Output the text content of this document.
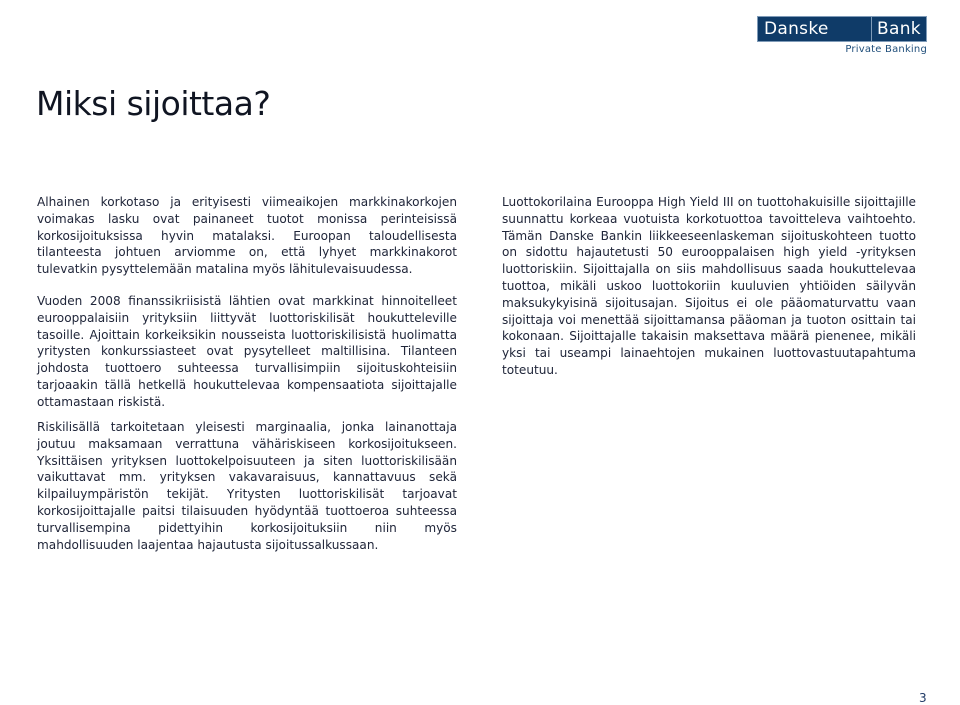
Danske	Bank
Private Banking
Miksi sijoittaa?

Alhainen korkotaso ja erityisesti viimeaikojen markkinakorkojen voimakas lasku ovat painaneet tuotot monissa perinteisissä korkosijoituksissa hyvin matalaksi. Euroopan taloudellisesta tilanteesta johtuen arviomme on, että lyhyet markkinakorot tulevatkin pysyttelemään matalina myös lähitulevaisuudessa.

Vuoden 2008 finanssikriisistä lähtien ovat markkinat hinnoitelleet eurooppalaisiin yrityksiin liittyvät luottoriskilisät houkutteleville tasoille. Ajoittain korkeiksikin nousseista luottoriskilisistä huolimatta yritysten konkurssiasteet ovat pysytelleet maltillisina. Tilanteen johdosta tuottoero suhteessa turvallisimpiin sijoituskohteisiin tarjoaakin tällä hetkellä houkuttelevaa kompensaatiota sijoittajalle ottamastaan riskistä.

Luottokorilaina Eurooppa High Yield III on tuottohakuisille sijoittajille suunnattu korkeaa vuotuista korkotuottoa tavoitteleva vaihtoehto. Tämän Danske Bankin liikkeeseenlaskeman sijoituskohteen tuotto on sidottu hajautetusti 50 eurooppalaisen high yield -yrityksen luottoriskiin. Sijoittajalla on siis mahdollisuus saada houkuttelevaa tuottoa, mikäli uskoo luottokoriin kuuluvien yhtiöiden säilyvän maksukykyisinä sijoitusajan. Sijoitus ei ole pääomaturvattu vaan sijoittaja voi menettää sijoittamansa pääoman ja tuoton osittain tai kokonaan. Sijoittajalle takaisin maksettava määrä pienenee, mikäli yksi tai useampi lainaehtojen mukainen luottovastuutapahtuma toteutuu.

Riskilisällä tarkoitetaan yleisesti marginaalia, jonka lainanottaja joutuu maksamaan verrattuna vähäriskiseen korkosijoitukseen. Yksittäisen yrityksen luottokelpoisuuteen ja siten luottoriskilisään vaikuttavat mm. yrityksen vakavaraisuus, kannattavuus sekä kilpailuympäristön tekijät. Yritysten luottoriskilisät tarjoavat korkosijoittajalle paitsi tilaisuuden hyödyntää tuottoeroa suhteessa turvallisempina pidettyihin korkosijoituksiin niin myös mahdollisuuden laajentaa hajautusta sijoitussalkussaan.

3
